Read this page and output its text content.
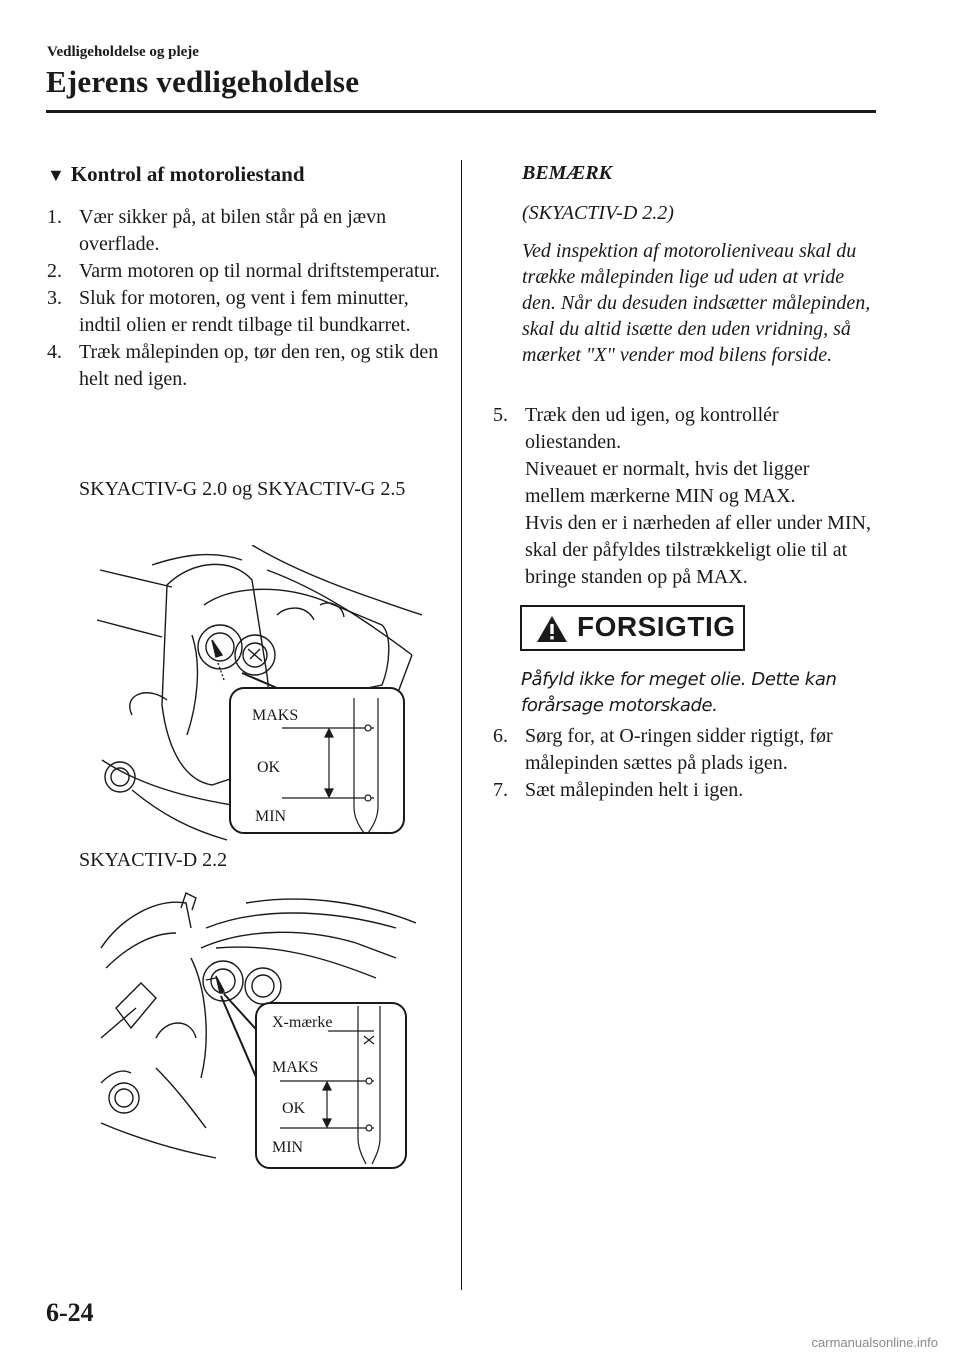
Vedligeholdelse og pleje
Ejerens vedligeholdelse
▼ Kontrol af motoroliestand
1. Vær sikker på, at bilen står på en jævn overflade.
2. Varm motoren op til normal driftstemperatur.
3. Sluk for motoren, og vent i fem minutter, indtil olien er rendt tilbage til bundkarret.
4. Træk målepinden op, tør den ren, og stik den helt ned igen.
SKYACTIV-G 2.0 og SKYACTIV-G 2.5
MAKS
OK
MIN
SKYACTIV-D 2.2
X-mærke
MAKS
OK
MIN
BEMÆRK
(SKYACTIV-D 2.2)
Ved inspektion af motorolieniveau skal du trække målepinden lige ud uden at vride den. Når du desuden indsætter målepinden, skal du altid isætte den uden vridning, så mærket "X" vender mod bilens forside.
5. Træk den ud igen, og kontrollér oliestanden.
Niveauet er normalt, hvis det ligger mellem mærkerne MIN og MAX.
Hvis den er i nærheden af eller under MIN, skal der påfyldes tilstrækkeligt olie til at bringe standen op på MAX.
FORSIGTIG
Påfyld ikke for meget olie. Dette kan forårsage motorskade.
6. Sørg for, at O-ringen sidder rigtigt, før målepinden sættes på plads igen.
7. Sæt målepinden helt i igen.
6-24
carmanualsonline.info
